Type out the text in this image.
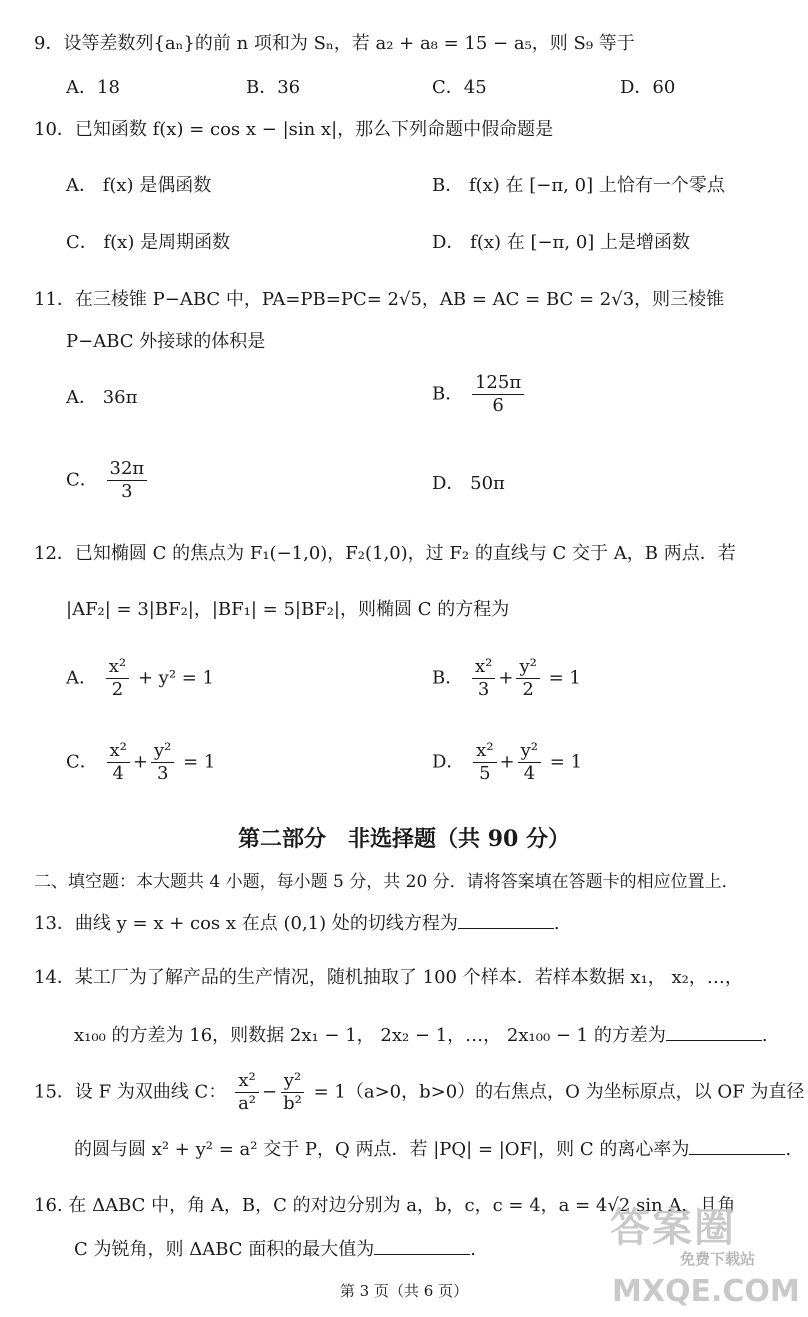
9．设等差数列{aₙ}的前 n 项和为 Sₙ，若 a₂ + a₈ = 15 − a₅，则 S₉ 等于
A．18	B．36	C．45	D．60
10．已知函数 f(x) = cos x − |sin x|，那么下列命题中假命题是
A． f(x) 是偶函数	B． f(x) 在 [−π, 0] 上恰有一个零点
C． f(x) 是周期函数	D． f(x) 在 [−π, 0] 上是增函数
11．在三棱锥 P−ABC 中，PA=PB=PC= 2√5，AB = AC = BC = 2√3，则三棱锥
P−ABC 外接球的体积是
A． 36π	B． $\frac{125\pi}{6}$
C． $\frac{32\pi}{3}$	D． 50π
12．已知椭圆 C 的焦点为 F₁(−1,0)，F₂(1,0)，过 F₂ 的直线与 C 交于 A，B 两点．若
|AF₂| = 3|BF₂|，|BF₁| = 5|BF₂|，则椭圆 C 的方程为
A． $\frac{\text{x²}}{2} + y^2 = 1$	B． $\frac{\text{x²}}{3} + \frac{\text{y²}}{2} = 1$
C． $\frac{\text{x²}}{4} + \frac{\text{y²}}{3} = 1$	D． $\frac{\text{x²}}{5} + \frac{\text{y²}}{4} = 1$
第二部分　非选择题（共 90 分）
二、填空题：本大题共 4 小题，每小题 5 分，共 20 分．请将答案填在答题卡的相应位置上．
13．曲线 y = x + cos x 在点 (0,1) 处的切线方程为	.
14．某工厂为了解产品的生产情况，随机抽取了 100 个样本．若样本数据 x₁， x₂，…，
x₁₀₀ 的方差为 16，则数据 2x₁ − 1， 2x₂ − 1，…， 2x₁₀₀ − 1 的方差为	.
15．设 F 为双曲线 C： $\frac{\text{x²}}{\text{a²}} - \frac{\text{y²}}{\text{b²}} = 1(a>0$，b>0）的右焦点，O 为坐标原点，以 OF 为直径
的圆与圆 x² + y² = a² 交于 P，Q 两点．若 |PQ| = |OF|，则 C 的离心率为	.
16. 在 ΔABC 中，角 A，B，C 的对边分别为 a，b，c，c = 4，a = 4√2 sin A，且角
C 为锐角，则 ΔABC 面积的最大值为	.
第 3 页（共 6 页）
答案圈
免费下载站
MXQE.COM
